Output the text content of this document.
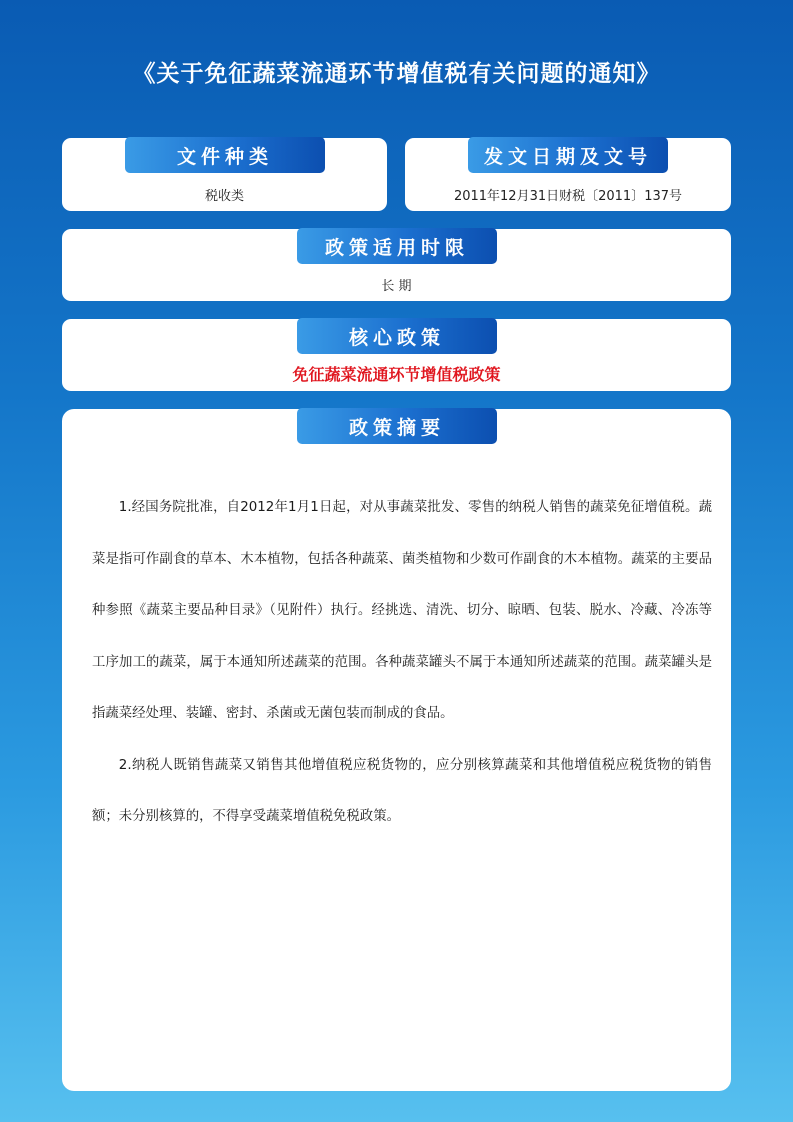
《关于免征蔬菜流通环节增值税有关问题的通知》
文件种类
税收类
发文日期及文号
2011年12月31日财税〔2011〕137号
政策适用时限
长 期
核心政策
免征蔬菜流通环节增值税政策
政策摘要

1.经国务院批准，自2012年1月1日起，对从事蔬菜批发、零售的纳税人销售的蔬菜免征增值税。蔬菜是指可作副食的草本、木本植物，包括各种蔬菜、菌类植物和少数可作副食的木本植物。蔬菜的主要品种参照《蔬菜主要品种目录》（见附件）执行。经挑选、清洗、切分、晾晒、包装、脱水、冷藏、冷冻等工序加工的蔬菜，属于本通知所述蔬菜的范围。各种蔬菜罐头不属于本通知所述蔬菜的范围。蔬菜罐头是指蔬菜经处理、装罐、密封、杀菌或无菌包装而制成的食品。

2.纳税人既销售蔬菜又销售其他增值税应税货物的，应分别核算蔬菜和其他增值税应税货物的销售额；未分别核算的，不得享受蔬菜增值税免税政策。
